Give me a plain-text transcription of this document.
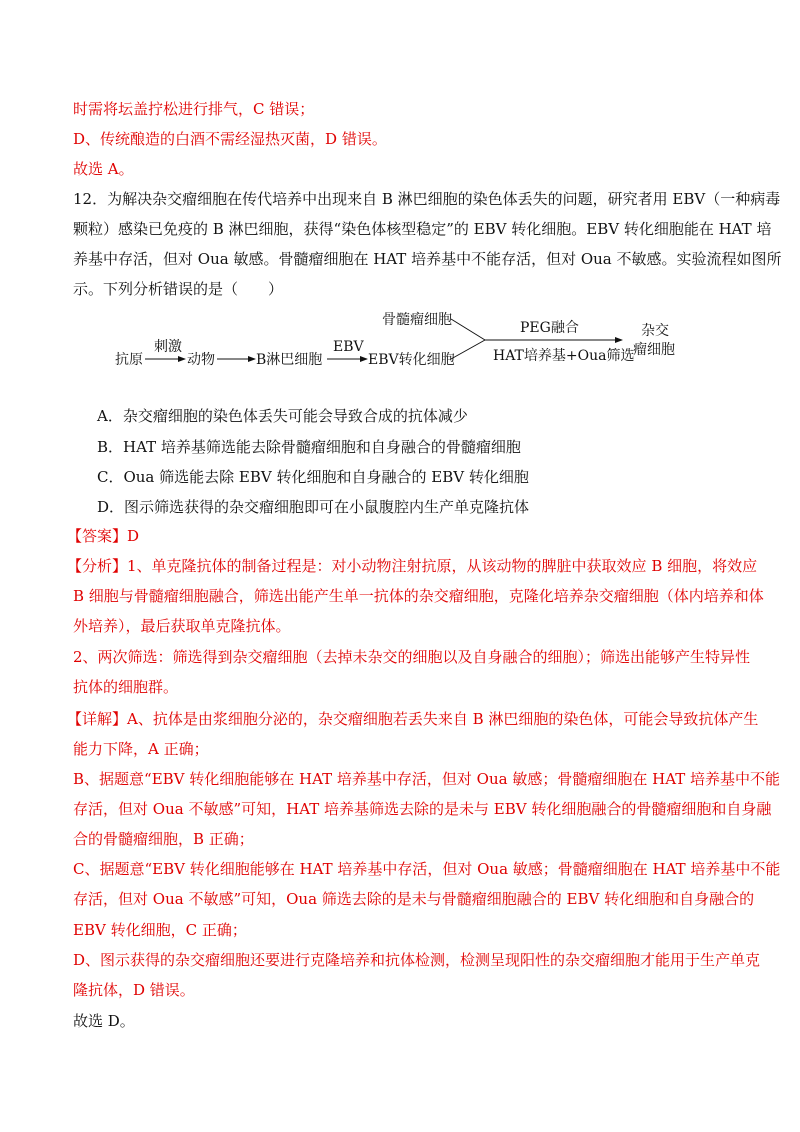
时需将坛盖拧松进行排气，C 错误；
D、传统酿造的白酒不需经湿热灭菌，D 错误。
故选 A。
12．为解决杂交瘤细胞在传代培养中出现来自 B 淋巴细胞的染色体丢失的问题，研究者用 EBV（一种病毒
颗粒）感染已免疫的 B 淋巴细胞，获得“染色体核型稳定”的 EBV 转化细胞。EBV 转化细胞能在 HAT 培
养基中存活，但对 Oua 敏感。骨髓瘤细胞在 HAT 培养基中不能存活，但对 Oua 不敏感。实验流程如图所
示。下列分析错误的是（　　）
抗原
刺激
动物	B淋巴细胞
EBV
EBV转化细胞
骨髓瘤细胞	PEG融合
HAT培养基+Oua筛选
杂交
瘤细胞
A．杂交瘤细胞的染色体丢失可能会导致合成的抗体减少
B．HAT 培养基筛选能去除骨髓瘤细胞和自身融合的骨髓瘤细胞
C．Oua 筛选能去除 EBV 转化细胞和自身融合的 EBV 转化细胞
D．图示筛选获得的杂交瘤细胞即可在小鼠腹腔内生产单克隆抗体
【答案】D
【分析】1、单克隆抗体的制备过程是：对小动物注射抗原，从该动物的脾脏中获取效应 B 细胞，将效应
B 细胞与骨髓瘤细胞融合，筛选出能产生单一抗体的杂交瘤细胞，克隆化培养杂交瘤细胞（体内培养和体
外培养），最后获取单克隆抗体。
2、两次筛选：筛选得到杂交瘤细胞（去掉未杂交的细胞以及自身融合的细胞）；筛选出能够产生特异性
抗体的细胞群。
【详解】A、抗体是由浆细胞分泌的，杂交瘤细胞若丢失来自 B 淋巴细胞的染色体，可能会导致抗体产生
能力下降，A 正确；
B、据题意“EBV 转化细胞能够在 HAT 培养基中存活，但对 Oua 敏感；骨髓瘤细胞在 HAT 培养基中不能
存活，但对 Oua 不敏感”可知，HAT 培养基筛选去除的是未与 EBV 转化细胞融合的骨髓瘤细胞和自身融
合的骨髓瘤细胞，B 正确；
C、据题意“EBV 转化细胞能够在 HAT 培养基中存活，但对 Oua 敏感；骨髓瘤细胞在 HAT 培养基中不能
存活，但对 Oua 不敏感”可知，Oua 筛选去除的是未与骨髓瘤细胞融合的 EBV 转化细胞和自身融合的
EBV 转化细胞，C 正确；
D、图示获得的杂交瘤细胞还要进行克隆培养和抗体检测，检测呈现阳性的杂交瘤细胞才能用于生产单克
隆抗体，D 错误。
故选 D。
